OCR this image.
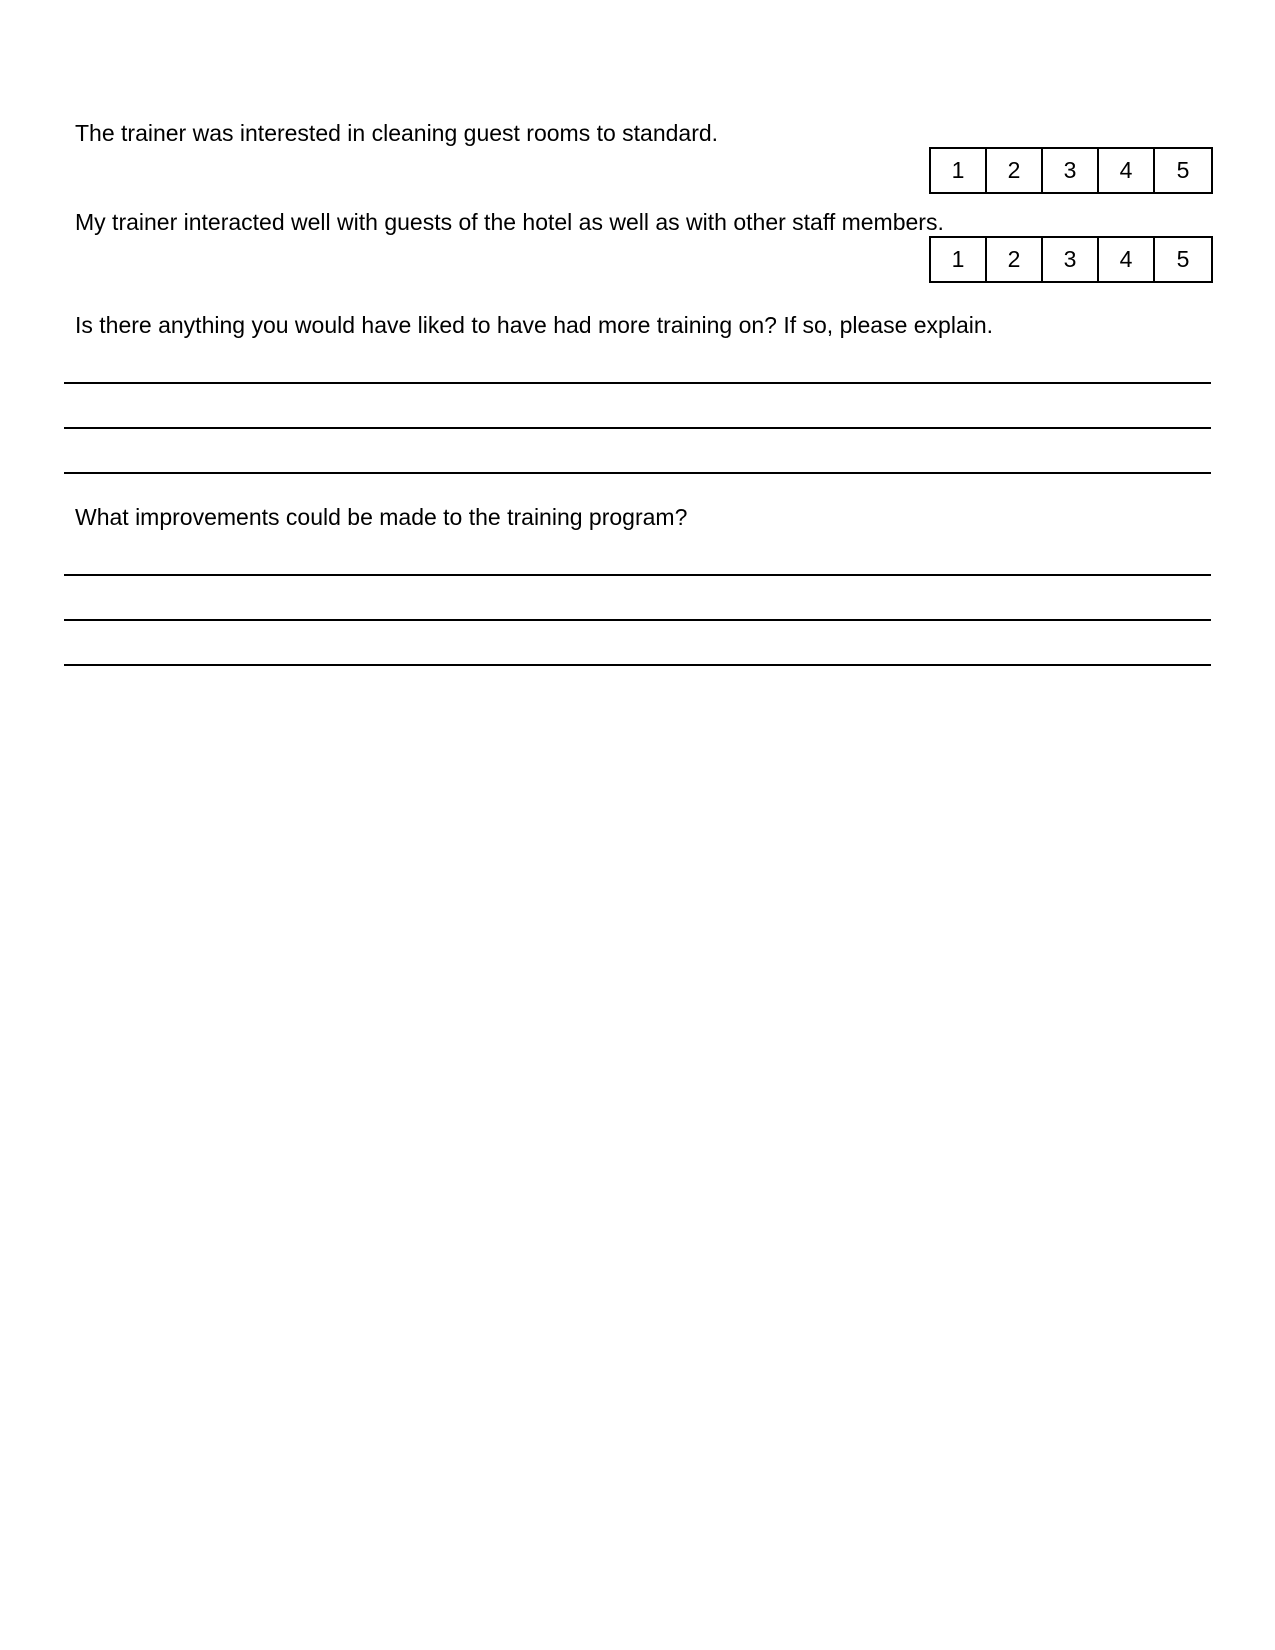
The trainer was interested in cleaning guest rooms to standard.

1	2	3	4	5

My trainer interacted well with guests of the hotel as well as with other staff members.

1	2	3	4	5

Is there anything you would have liked to have had more training on? If so, please explain.

What improvements could be made to the training program?
